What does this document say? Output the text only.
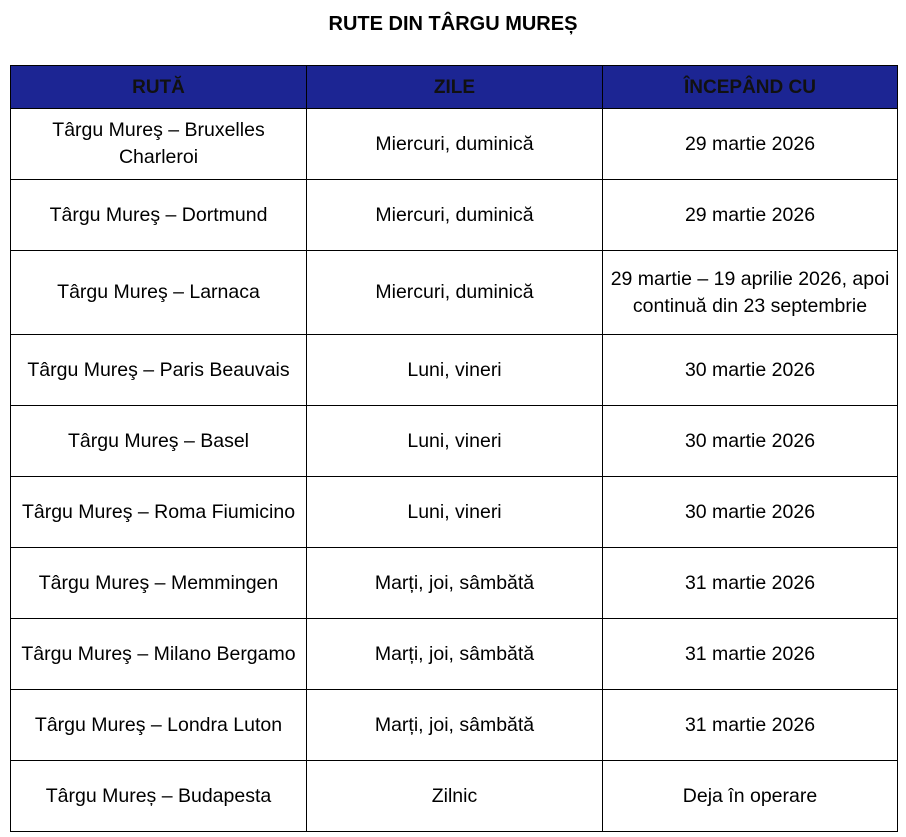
RUTE DIN TÂRGU MUREȘ
RUTĂ	ZILE	ÎNCEPÂND CU
Târgu Mureş – Bruxelles Charleroi	Miercuri, duminică	29 martie 2026
Târgu Mureş – Dortmund	Miercuri, duminică	29 martie 2026
Târgu Mureş – Larnaca	Miercuri, duminică	29 martie – 19 aprilie 2026, apoi continuă din 23 septembrie
Târgu Mureş – Paris Beauvais	Luni, vineri	30 martie 2026
Târgu Mureş – Basel	Luni, vineri	30 martie 2026
Târgu Mureş – Roma Fiumicino	Luni, vineri	30 martie 2026
Târgu Mureş – Memmingen	Marți, joi, sâmbătă	31 martie 2026
Târgu Mureş – Milano Bergamo	Marți, joi, sâmbătă	31 martie 2026
Târgu Mureş – Londra Luton	Marți, joi, sâmbătă	31 martie 2026
Târgu Mureș – Budapesta	Zilnic	Deja în operare
